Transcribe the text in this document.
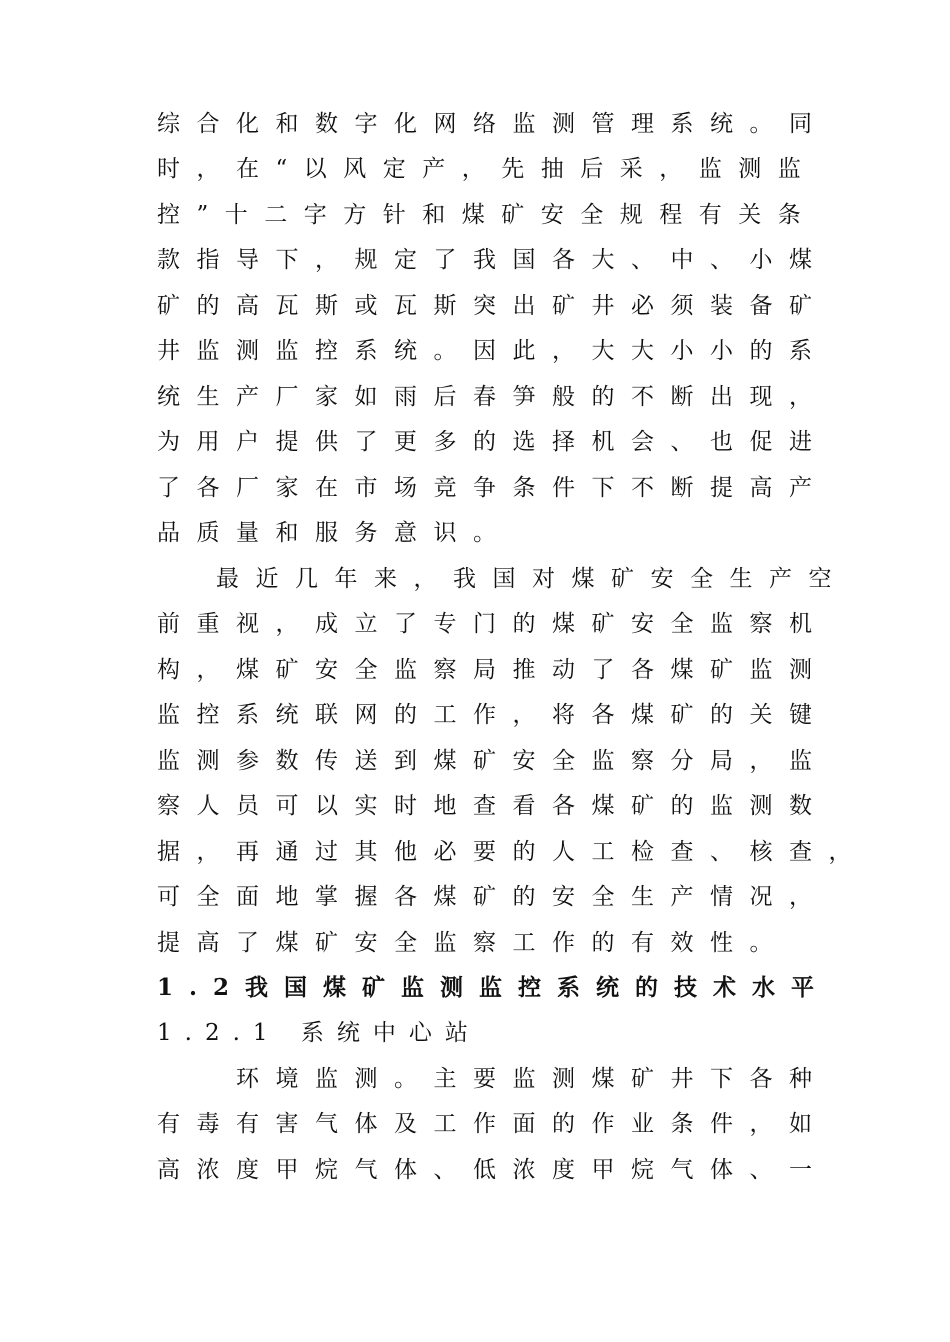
综合化和数字化网络监测管理系统。同
时，在“以风定产，先抽后采，监测监
控”十二字方针和煤矿安全规程有关条
款指导下，规定了我国各大、中、小煤
矿的高瓦斯或瓦斯突出矿井必须装备矿
井监测监控系统。因此，大大小小的系
统生产厂家如雨后春笋般的不断出现，
为用户提供了更多的选择机会、也促进
了各厂家在市场竞争条件下不断提高产
品质量和服务意识。
最近几年来，我国对煤矿安全生产空
前重视，成立了专门的煤矿安全监察机
构，煤矿安全监察局推动了各煤矿监测
监控系统联网的工作，将各煤矿的关键
监测参数传送到煤矿安全监察分局，监
察人员可以实时地查看各煤矿的监测数
据，再通过其他必要的人工检查、核查，
可全面地掌握各煤矿的安全生产情况，
提高了煤矿安全监察工作的有效性。
1.2我国煤矿监测监控系统的技术水平
1.2.1 系统中心站
环境监测。主要监测煤矿井下各种
有毒有害气体及工作面的作业条件，如
高浓度甲烷气体、低浓度甲烷气体、一
